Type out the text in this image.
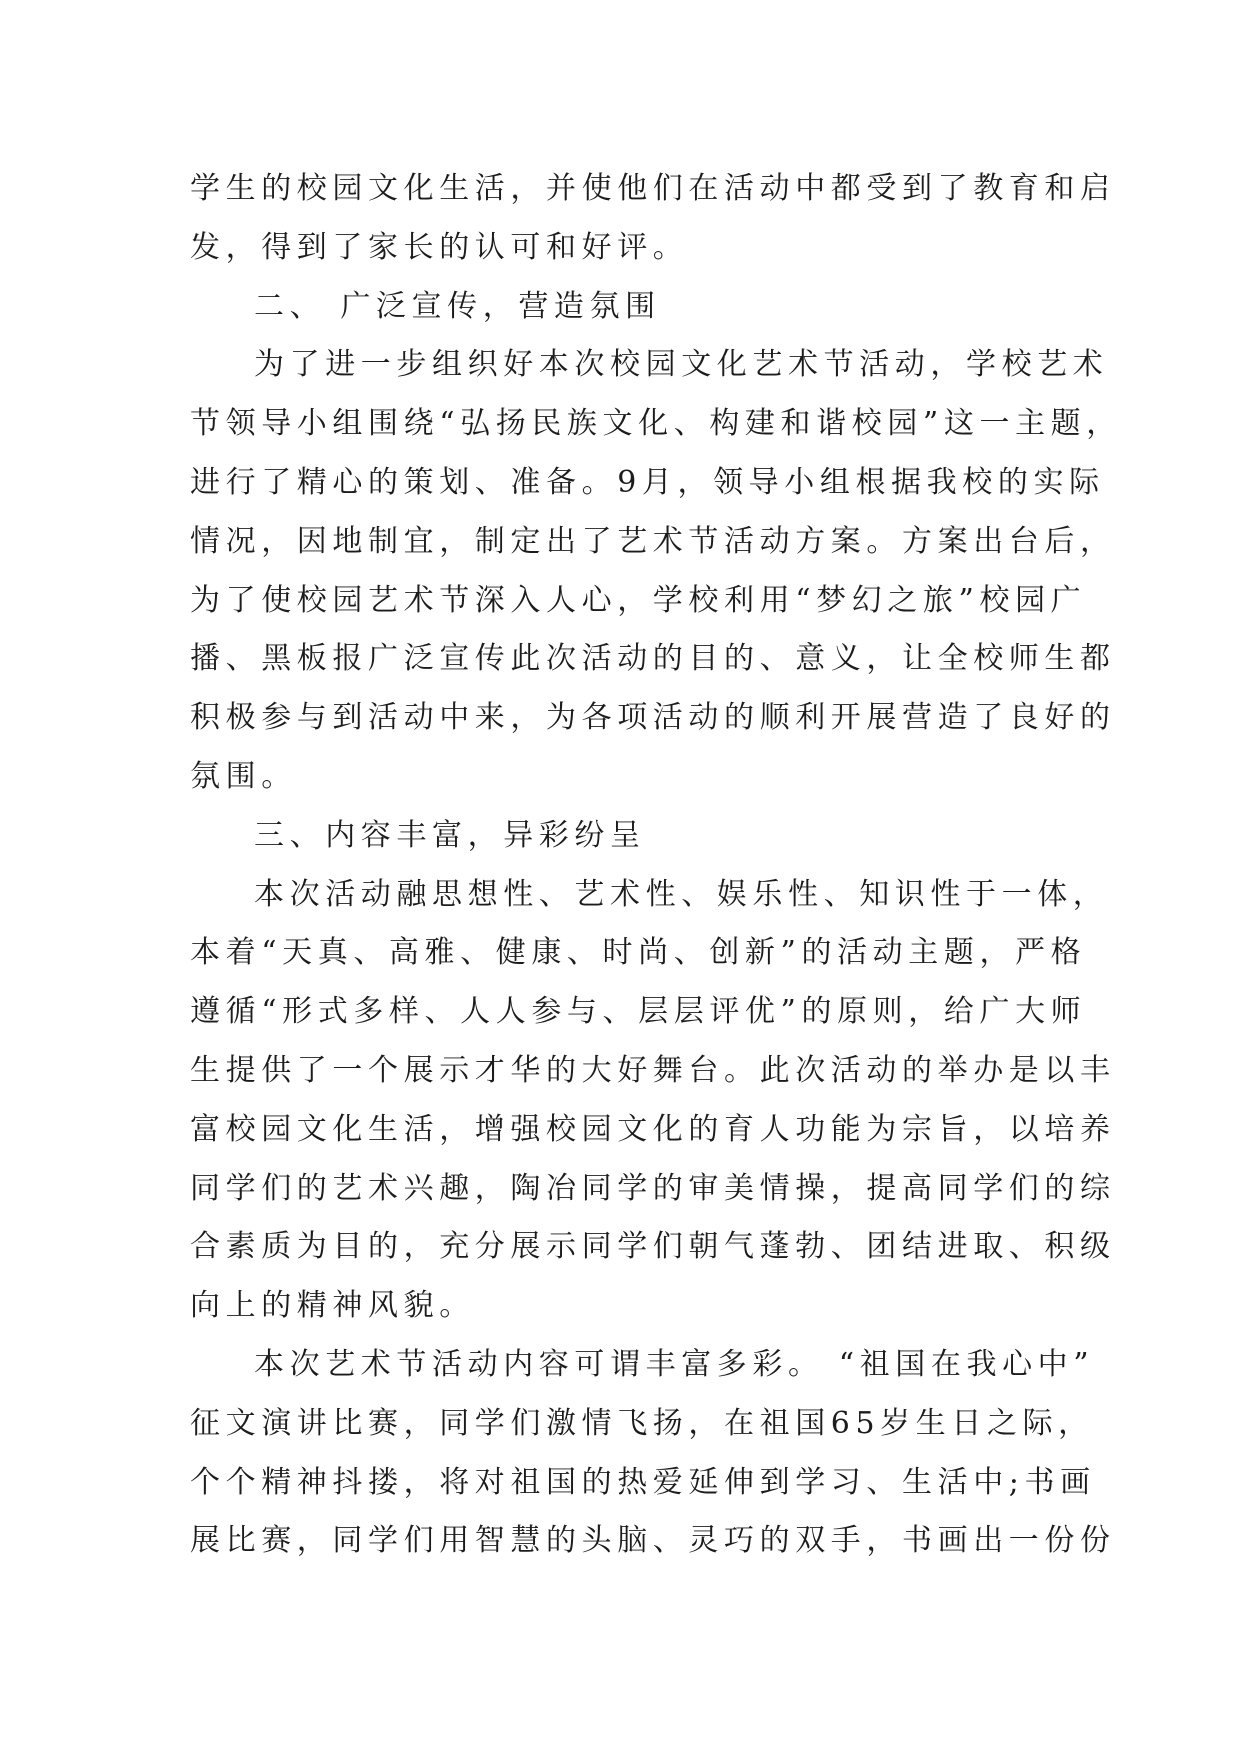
学生的校园文化生活，并使他们在活动中都受到了教育和启
发，得到了家长的认可和好评。
二、 广泛宣传，营造氛围
为了进一步组织好本次校园文化艺术节活动，学校艺术
节领导小组围绕“弘扬民族文化、构建和谐校园”这一主题，
进行了精心的策划、准备。9月，领导小组根据我校的实际
情况，因地制宜，制定出了艺术节活动方案。方案出台后，
为了使校园艺术节深入人心，学校利用“梦幻之旅”校园广
播、黑板报广泛宣传此次活动的目的、意义，让全校师生都
积极参与到活动中来，为各项活动的顺利开展营造了良好的
氛围。
三、内容丰富，异彩纷呈
本次活动融思想性、艺术性、娱乐性、知识性于一体，
本着“天真、高雅、健康、时尚、创新”的活动主题，严格
遵循“形式多样、人人参与、层层评优”的原则，给广大师
生提供了一个展示才华的大好舞台。此次活动的举办是以丰
富校园文化生活，增强校园文化的育人功能为宗旨，以培养
同学们的艺术兴趣，陶冶同学的审美情操，提高同学们的综
合素质为目的，充分展示同学们朝气蓬勃、团结进取、积级
向上的精神风貌。
本次艺术节活动内容可谓丰富多彩。 “祖国在我心中”
征文演讲比赛，同学们激情飞扬，在祖国65岁生日之际，
个个精神抖搂，将对祖国的热爱延伸到学习、生活中;书画
展比赛，同学们用智慧的头脑、灵巧的双手，书画出一份份
